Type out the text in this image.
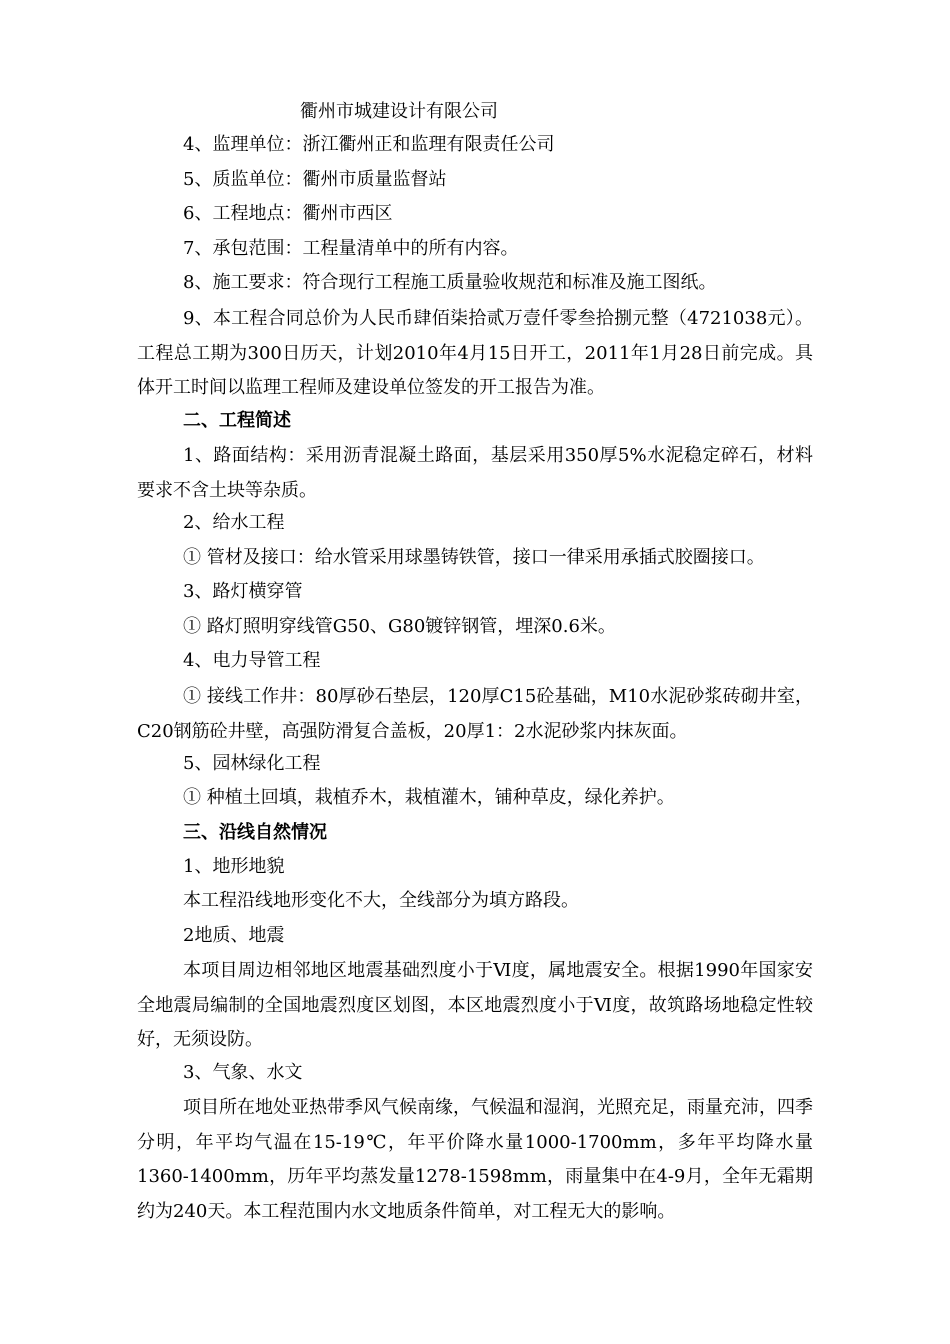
衢州市城建设计有限公司
4、监理单位：浙江衢州正和监理有限责任公司
5、质监单位：衢州市质量监督站
6、工程地点：衢州市西区
7、承包范围：工程量清单中的所有内容。
8、施工要求：符合现行工程施工质量验收规范和标准及施工图纸。
9、本工程合同总价为人民币肆佰柒拾贰万壹仟零叁拾捌元整（4721038元）。工程总工期为300日历天，计划2010年4月15日开工，2011年1月28日前完成。具体开工时间以监理工程师及建设单位签发的开工报告为准。
二、工程简述
1、路面结构：采用沥青混凝土路面，基层采用350厚5%水泥稳定碎石，材料要求不含土块等杂质。
2、给水工程
① 管材及接口：给水管采用球墨铸铁管，接口一律采用承插式胶圈接口。
3、路灯横穿管
① 路灯照明穿线管G50、G80镀锌钢管，埋深0.6米。
4、电力导管工程
① 接线工作井：80厚砂石垫层，120厚C15砼基础，M10水泥砂浆砖砌井室，C20钢筋砼井壁，高强防滑复合盖板，20厚1：2水泥砂浆内抹灰面。
5、园林绿化工程
① 种植土回填，栽植乔木，栽植灌木，铺种草皮，绿化养护。
三、沿线自然情况
1、地形地貌
本工程沿线地形变化不大，全线部分为填方路段。
2地质、地震
本项目周边相邻地区地震基础烈度小于Ⅵ度，属地震安全。根据1990年国家安全地震局编制的全国地震烈度区划图，本区地震烈度小于Ⅵ度，故筑路场地稳定性较好，无须设防。
3、气象、水文
项目所在地处亚热带季风气候南缘，气候温和湿润，光照充足，雨量充沛，四季分明，年平均气温在15-19℃，年平价降水量1000-1700mm，多年平均降水量1360-1400mm，历年平均蒸发量1278-1598mm，雨量集中在4-9月，全年无霜期约为240天。本工程范围内水文地质条件简单，对工程无大的影响。
